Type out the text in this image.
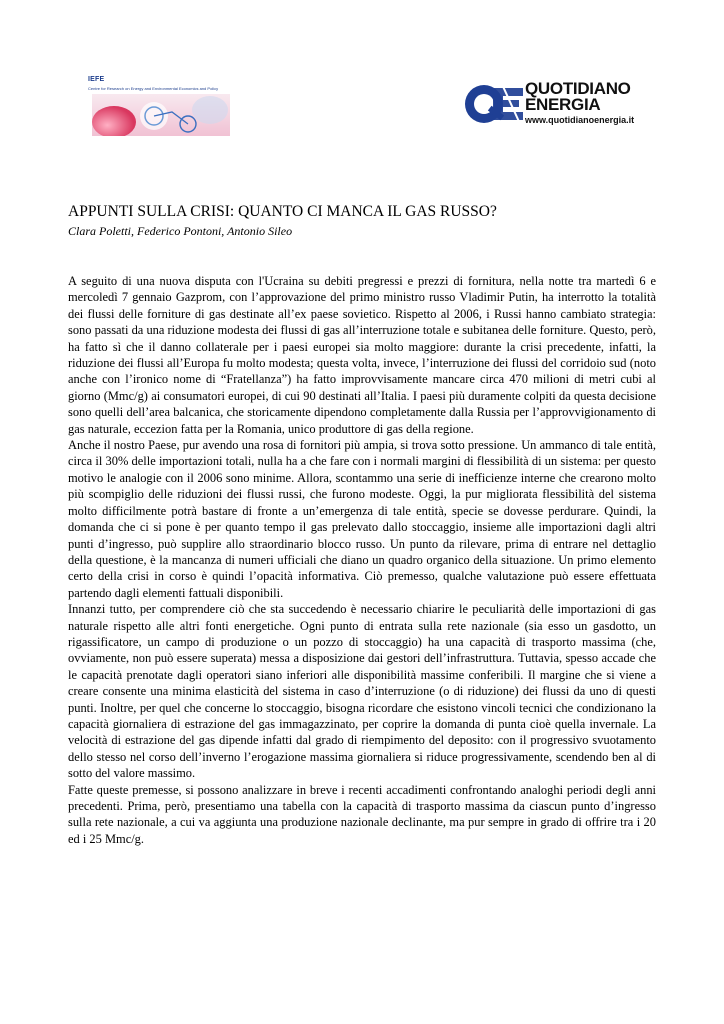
IEFE
Centre for Research on Energy and Environmental Economics and Policy	QUOTIDIANO
ENERGIA
www.quotidianoenergia.it
APPUNTI SULLA CRISI: QUANTO CI MANCA IL GAS RUSSO?
Clara Poletti, Federico Pontoni, Antonio Sileo

A seguito di una nuova disputa con l'Ucraina su debiti pregressi e prezzi di fornitura, nella notte tra martedì 6 e mercoledì 7 gennaio Gazprom, con l’approvazione del primo ministro russo Vladimir Putin, ha interrotto la totalità dei flussi delle forniture di gas destinate all’ex paese sovietico. Rispetto al 2006, i Russi hanno cambiato strategia: sono passati da una riduzione modesta dei flussi di gas all’interruzione totale e subitanea delle forniture. Questo, però, ha fatto sì che il danno collaterale per i paesi europei sia molto maggiore: durante la crisi precedente, infatti, la riduzione dei flussi all’Europa fu molto modesta; questa volta, invece, l’interruzione dei flussi del corridoio sud (noto anche con l’ironico nome di “Fratellanza”) ha fatto improvvisamente mancare circa 470 milioni di metri cubi al giorno (Mmc/g) ai consumatori europei, di cui 90 destinati all’Italia. I paesi più duramente colpiti da questa decisione sono quelli dell’area balcanica, che storicamente dipendono completamente dalla Russia per l’approvvigionamento di gas naturale, eccezion fatta per la Romania, unico produttore di gas della regione.

Anche il nostro Paese, pur avendo una rosa di fornitori più ampia, si trova sotto pressione. Un ammanco di tale entità, circa il 30% delle importazioni totali, nulla ha a che fare con i normali margini di flessibilità di un sistema: per questo motivo le analogie con il 2006 sono minime. Allora, scontammo una serie di inefficienze interne che crearono molto più scompiglio delle riduzioni dei flussi russi, che furono modeste. Oggi, la pur migliorata flessibilità del sistema molto difficilmente potrà bastare di fronte a un’emergenza di tale entità, specie se dovesse perdurare. Quindi, la domanda che ci si pone è per quanto tempo il gas prelevato dallo stoccaggio, insieme alle importazioni dagli altri punti d’ingresso, può supplire allo straordinario blocco russo. Un punto da rilevare, prima di entrare nel dettaglio della questione, è la mancanza di numeri ufficiali che diano un quadro organico della situazione. Un primo elemento certo della crisi in corso è quindi l’opacità informativa. Ciò premesso, qualche valutazione può essere effettuata partendo dagli elementi fattuali disponibili.

Innanzi tutto, per comprendere ciò che sta succedendo è necessario chiarire le peculiarità delle importazioni di gas naturale rispetto alle altri fonti energetiche. Ogni punto di entrata sulla rete nazionale (sia esso un gasdotto, un rigassificatore, un campo di produzione o un pozzo di stoccaggio) ha una capacità di trasporto massima (che, ovviamente, non può essere superata) messa a disposizione dai gestori dell’infrastruttura. Tuttavia, spesso accade che le capacità prenotate dagli operatori siano inferiori alle disponibilità massime conferibili. Il margine che si viene a creare consente una minima elasticità del sistema in caso d’interruzione (o di riduzione) dei flussi da uno di questi punti. Inoltre, per quel che concerne lo stoccaggio, bisogna ricordare che esistono vincoli tecnici che condizionano la capacità giornaliera di estrazione del gas immagazzinato, per coprire la domanda di punta cioè quella invernale. La velocità di estrazione del gas dipende infatti dal grado di riempimento del deposito: con il progressivo svuotamento dello stesso nel corso dell’inverno l’erogazione massima giornaliera si riduce progressivamente, scendendo ben al di sotto del valore massimo.

Fatte queste premesse, si possono analizzare in breve i recenti accadimenti confrontando analoghi periodi degli anni precedenti. Prima, però, presentiamo una tabella con la capacità di trasporto massima da ciascun punto d’ingresso sulla rete nazionale, a cui va aggiunta una produzione nazionale declinante, ma pur sempre in grado di offrire tra i 20 ed i 25 Mmc/g.
